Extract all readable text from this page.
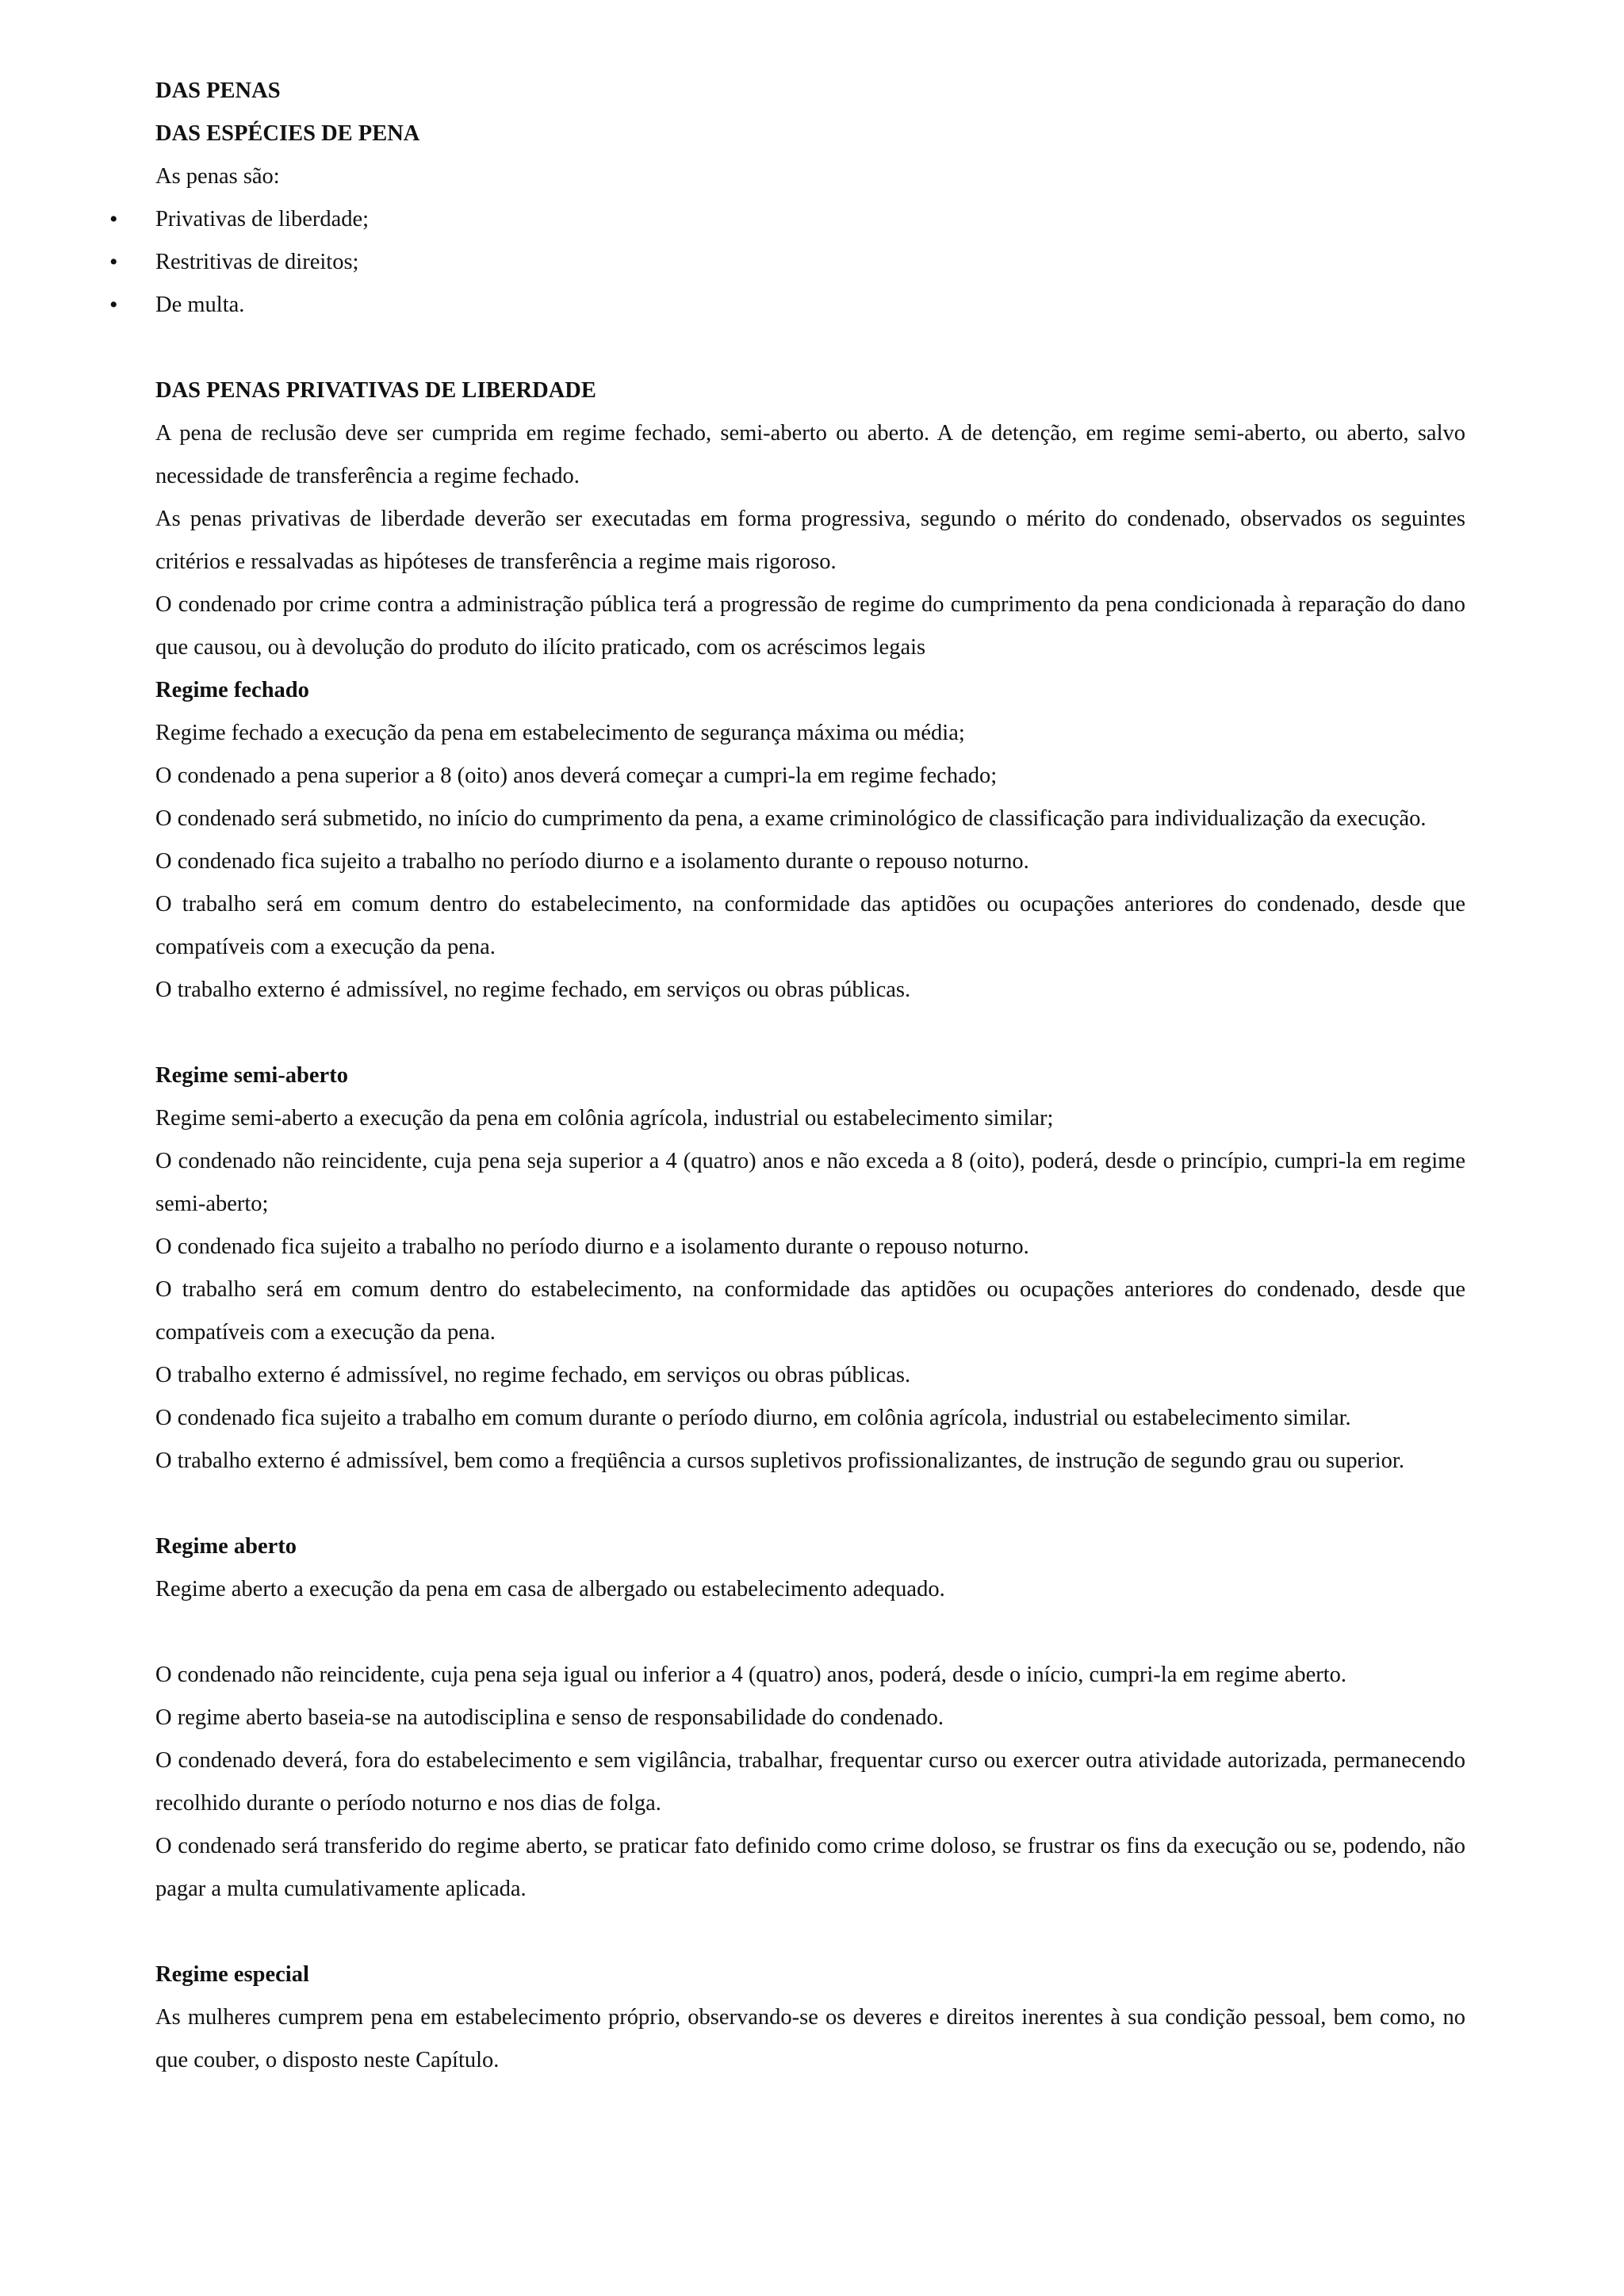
DAS PENAS
DAS ESPÉCIES DE PENA
As penas são:
• Privativas de liberdade;
• Restritivas de direitos;
• De multa.
DAS PENAS PRIVATIVAS DE LIBERDADE

A pena de reclusão deve ser cumprida em regime fechado, semi-aberto ou aberto. A de detenção, em regime semi-aberto, ou aberto, salvo necessidade de transferência a regime fechado.

As penas privativas de liberdade deverão ser executadas em forma progressiva, segundo o mérito do condenado, observados os seguintes critérios e ressalvadas as hipóteses de transferência a regime mais rigoroso.

O condenado por crime contra a administração pública terá a progressão de regime do cumprimento da pena condicionada à reparação do dano que causou, ou à devolução do produto do ilícito praticado, com os acréscimos legais

Regime fechado

Regime fechado a execução da pena em estabelecimento de segurança máxima ou média;

O condenado a pena superior a 8 (oito) anos deverá começar a cumpri-la em regime fechado;

O condenado será submetido, no início do cumprimento da pena, a exame criminológico de classificação para individualização da execução.

O condenado fica sujeito a trabalho no período diurno e a isolamento durante o repouso noturno.

O trabalho será em comum dentro do estabelecimento, na conformidade das aptidões ou ocupações anteriores do condenado, desde que compatíveis com a execução da pena.

O trabalho externo é admissível, no regime fechado, em serviços ou obras públicas.

Regime semi-aberto

Regime semi-aberto a execução da pena em colônia agrícola, industrial ou estabelecimento similar;

O condenado não reincidente, cuja pena seja superior a 4 (quatro) anos e não exceda a 8 (oito), poderá, desde o princípio, cumpri-la em regime semi-aberto;

O condenado fica sujeito a trabalho no período diurno e a isolamento durante o repouso noturno.

O trabalho será em comum dentro do estabelecimento, na conformidade das aptidões ou ocupações anteriores do condenado, desde que compatíveis com a execução da pena.

O trabalho externo é admissível, no regime fechado, em serviços ou obras públicas.

O condenado fica sujeito a trabalho em comum durante o período diurno, em colônia agrícola, industrial ou estabelecimento similar.

O trabalho externo é admissível, bem como a freqüência a cursos supletivos profissionalizantes, de instrução de segundo grau ou superior.

Regime aberto

Regime aberto a execução da pena em casa de albergado ou estabelecimento adequado.

O condenado não reincidente, cuja pena seja igual ou inferior a 4 (quatro) anos, poderá, desde o início, cumpri-la em regime aberto.

O regime aberto baseia-se na autodisciplina e senso de responsabilidade do condenado.

O condenado deverá, fora do estabelecimento e sem vigilância, trabalhar, frequentar curso ou exercer outra atividade autorizada, permanecendo recolhido durante o período noturno e nos dias de folga.

O condenado será transferido do regime aberto, se praticar fato definido como crime doloso, se frustrar os fins da execução ou se, podendo, não pagar a multa cumulativamente aplicada.

Regime especial

As mulheres cumprem pena em estabelecimento próprio, observando-se os deveres e direitos inerentes à sua condição pessoal, bem como, no que couber, o disposto neste Capítulo.
